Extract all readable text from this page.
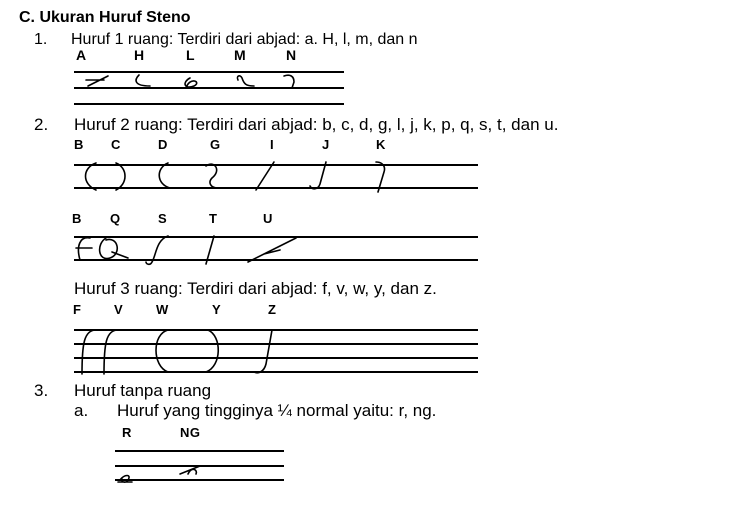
C. Ukuran Huruf Steno
1. Huruf 1 ruang: Terdiri dari abjad: a. H, l, m, dan n
A	H	L	M	N
2. Huruf 2 ruang: Terdiri dari abjad: b, c, d, g, l, j, k, p, q, s, t, dan u.
B C	D	G	I	J	K
B Q	S	T	U
Huruf 3 ruang: Terdiri dari abjad: f, v, w, y, dan z.
F	V	W	Y	Z
3. Huruf tanpa ruang
a. Huruf yang tingginya ¼ normal yaitu: r, ng.
R	NG
